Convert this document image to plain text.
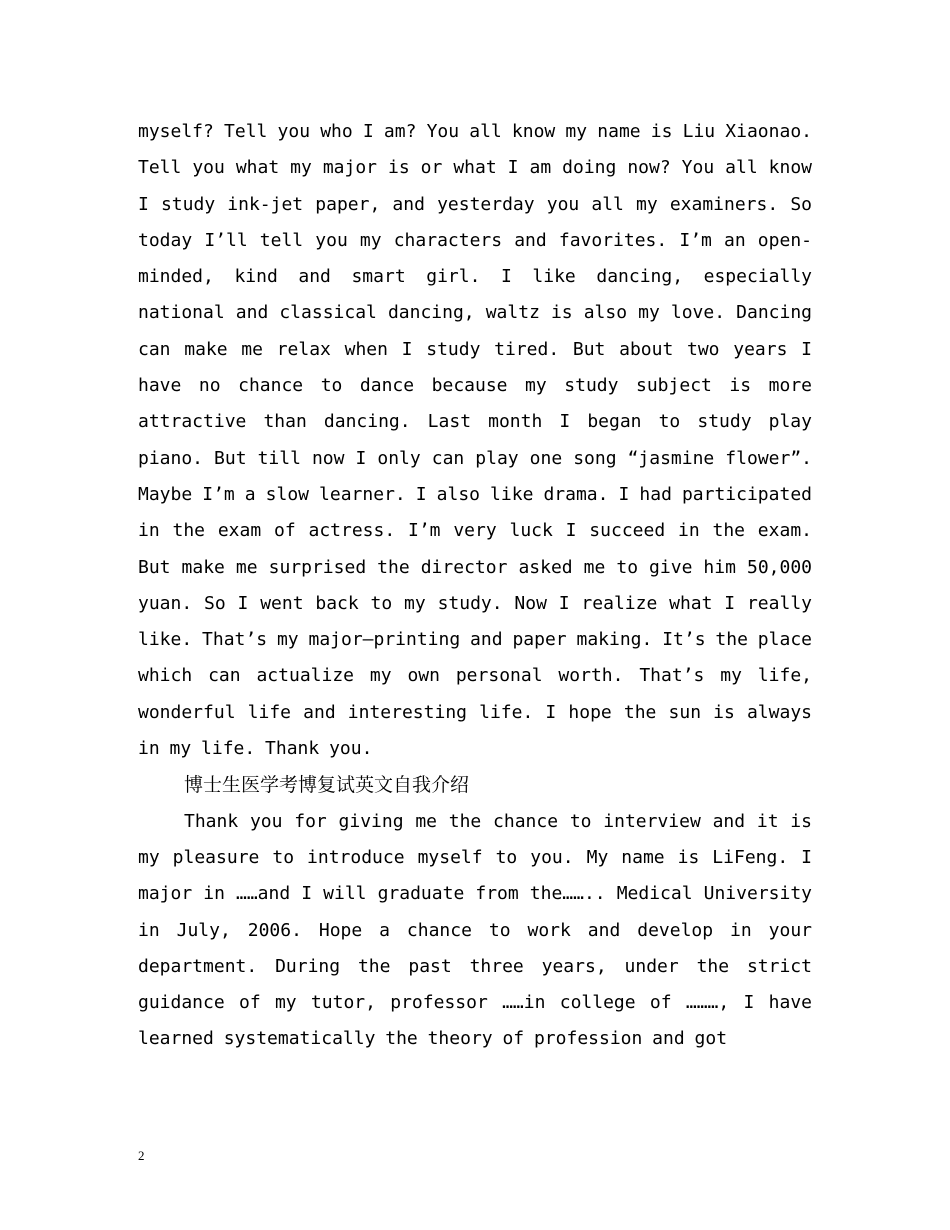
myself? Tell you who I am? You all know my name is Liu Xiaonao. Tell you what my major is or what I am doing now? You all know I study ink-jet paper, and yesterday you all my examiners. So today I’ll tell you my characters and favorites. I’m an open-minded, kind and smart girl. I like dancing, especially national and classical dancing, waltz is also my love. Dancing can make me relax when I study tired. But about two years I have no chance to dance because my study subject is more attractive than dancing. Last month I began to study play piano. But till now I only can play one song “jasmine flower”. Maybe I’m a slow learner. I also like drama. I had participated in the exam of actress. I’m very luck I succeed in the exam. But make me surprised the director asked me to give him 50,000 yuan. So I went back to my study. Now I realize what I really like. That’s my major—printing and paper making. It’s the place which can actualize my own personal worth. That’s my life, wonderful life and interesting life. I hope the sun is always in my life. Thank you.

博士生医学考博复试英文自我介绍

Thank you for giving me the chance to interview and it is my pleasure to introduce myself to you. My name is LiFeng. I major in ……and I will graduate from the…….. Medical University in July, 2006. Hope a chance to work and develop in your department. During the past three years, under the strict guidance of my tutor, professor ……in college of ………, I have learned systematically the theory of profession and got

2
